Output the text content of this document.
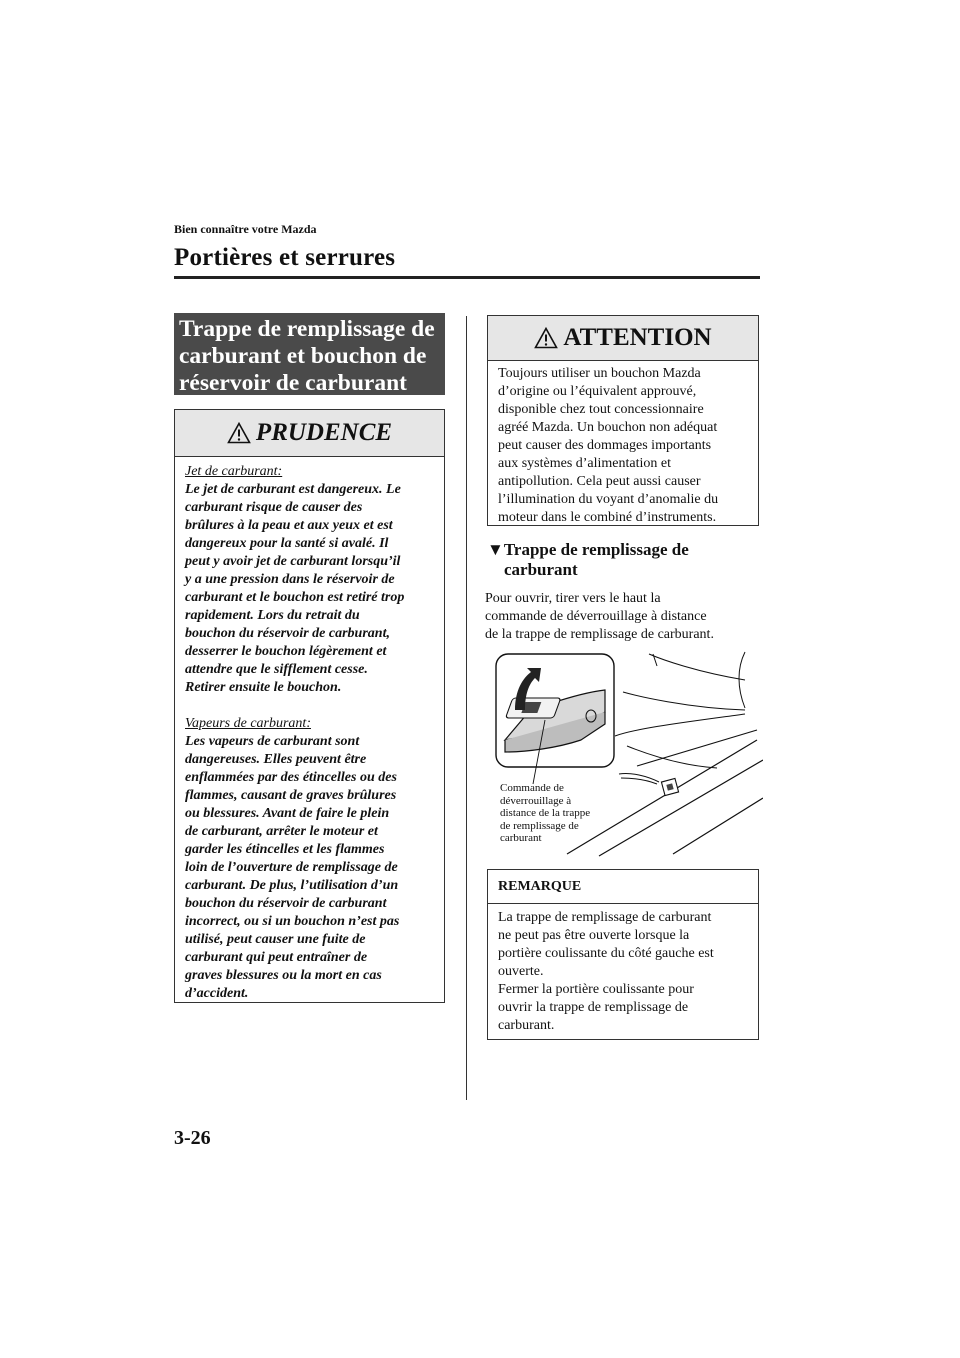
Bien connaître votre Mazda
Portières et serrures
Trappe de remplissage de
carburant et bouchon de
réservoir de carburant
PRUDENCE
Jet de carburant:
Le jet de carburant est dangereux. Le
carburant risque de causer des
brûlures à la peau et aux yeux et est
dangereux pour la santé si avalé. Il
peut y avoir jet de carburant lorsqu’il
y a une pression dans le réservoir de
carburant et le bouchon est retiré trop
rapidement. Lors du retrait du
bouchon du réservoir de carburant,
desserrer le bouchon légèrement et
attendre que le sifflement cesse.
Retirer ensuite le bouchon.
Vapeurs de carburant:
Les vapeurs de carburant sont
dangereuses. Elles peuvent être
enflammées par des étincelles ou des
flammes, causant de graves brûlures
ou blessures. Avant de faire le plein
de carburant, arrêter le moteur et
garder les étincelles et les flammes
loin de l’ouverture de remplissage de
carburant. De plus, l’utilisation d’un
bouchon du réservoir de carburant
incorrect, ou si un bouchon n’est pas
utilisé, peut causer une fuite de
carburant qui peut entraîner de
graves blessures ou la mort en cas
d’accident.
ATTENTION
Toujours utiliser un bouchon Mazda
d’origine ou l’équivalent approuvé,
disponible chez tout concessionnaire
agréé Mazda. Un bouchon non adéquat
peut causer des dommages importants
aux systèmes d’alimentation et
antipollution. Cela peut aussi causer
l’illumination du voyant d’anomalie du
moteur dans le combiné d’instruments.
▼Trappe de remplissage de
carburant
Pour ouvrir, tirer vers le haut la
commande de déverrouillage à distance
de la trappe de remplissage de carburant.
Commande de
déverrouillage à
distance de la trappe
de remplissage de
carburant
REMARQUE
La trappe de remplissage de carburant
ne peut pas être ouverte lorsque la
portière coulissante du côté gauche est
ouverte.
Fermer la portière coulissante pour
ouvrir la trappe de remplissage de
carburant.
3-26
